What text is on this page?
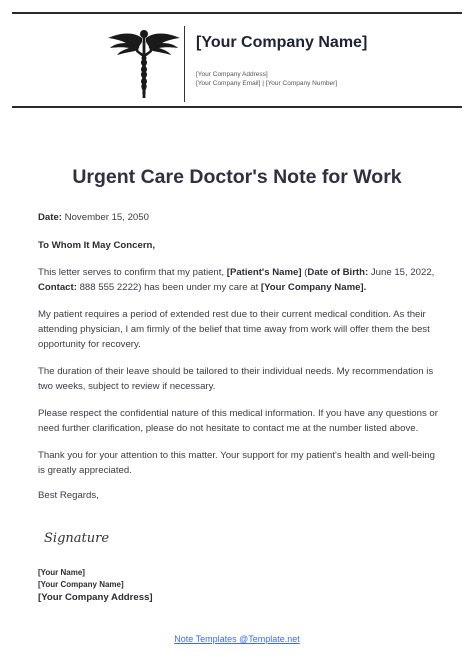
[Your Company Name]
[Your Company Address]
[Your Company Email] | [Your Company Number]
Urgent Care Doctor's Note for Work

Date: November 15, 2050

To Whom It May Concern,

This letter serves to confirm that my patient, [Patient's Name] (Date of Birth: June 15, 2022, Contact: 888 555 2222) has been under my care at [Your Company Name].

My patient requires a period of extended rest due to their current medical condition. As their attending physician, I am firmly of the belief that time away from work will offer them the best opportunity for recovery.

The duration of their leave should be tailored to their individual needs. My recommendation is two weeks, subject to review if necessary.

Please respect the confidential nature of this medical information. If you have any questions or need further clarification, please do not hesitate to contact me at the number listed above.

Thank you for your attention to this matter. Your support for my patient's health and well-being is greatly appreciated.

Best Regards,

Signature
[Your Name]
[Your Company Name]
[Your Company Address]
Note Templates @Template.net
